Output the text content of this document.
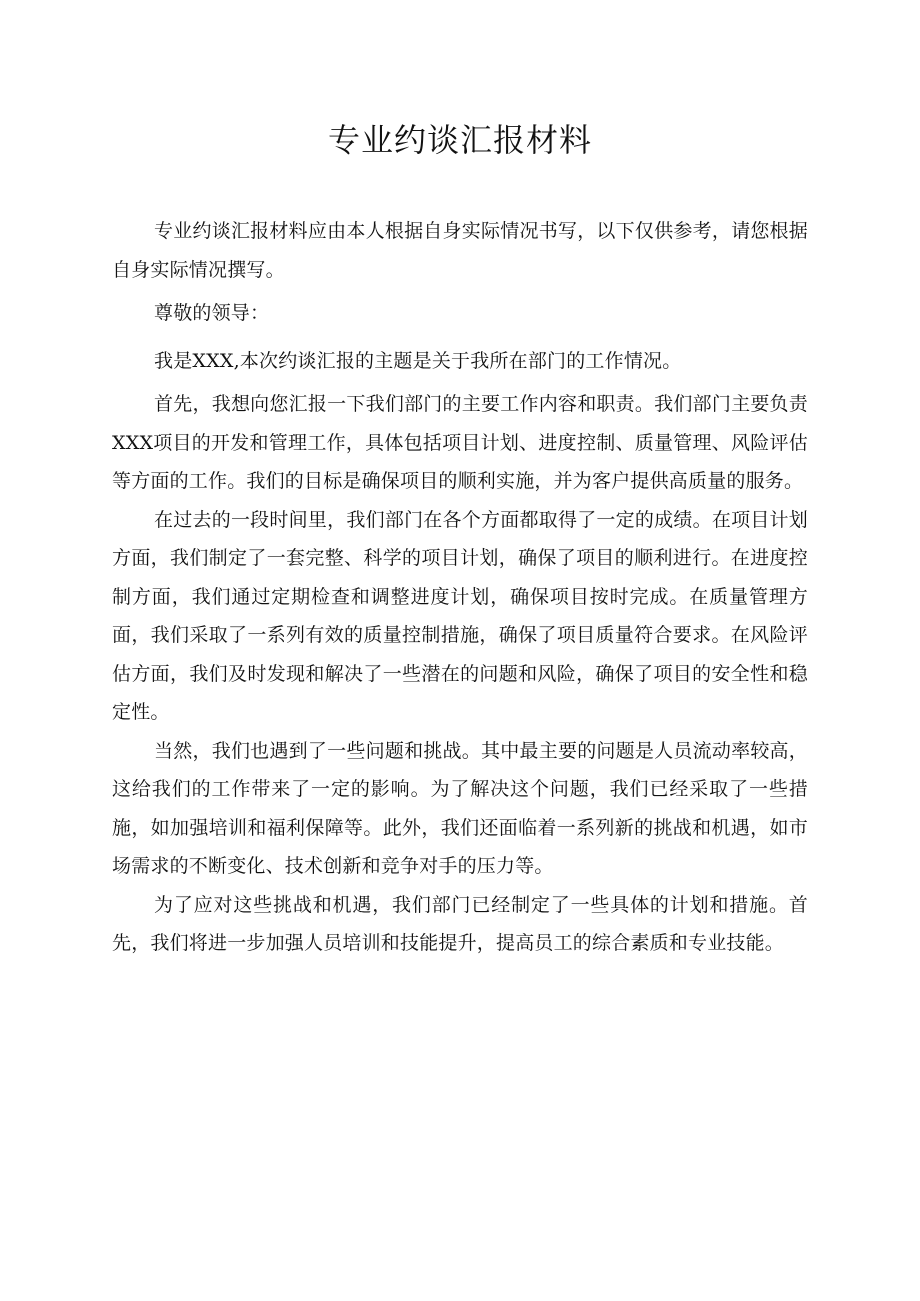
专业约谈汇报材料

专业约谈汇报材料应由本人根据自身实际情况书写，以下仅供参考，请您根据自身实际情况撰写。

尊敬的领导：

我是XXX,本次约谈汇报的主题是关于我所在部门的工作情况。

首先，我想向您汇报一下我们部门的主要工作内容和职责。我们部门主要负责XXX项目的开发和管理工作，具体包括项目计划、进度控制、质量管理、风险评估等方面的工作。我们的目标是确保项目的顺利实施，并为客户提供高质量的服务。

在过去的一段时间里，我们部门在各个方面都取得了一定的成绩。在项目计划方面，我们制定了一套完整、科学的项目计划，确保了项目的顺利进行。在进度控制方面，我们通过定期检查和调整进度计划，确保项目按时完成。在质量管理方面，我们采取了一系列有效的质量控制措施，确保了项目质量符合要求。在风险评估方面，我们及时发现和解决了一些潜在的问题和风险，确保了项目的安全性和稳定性。

当然，我们也遇到了一些问题和挑战。其中最主要的问题是人员流动率较高，这给我们的工作带来了一定的影响。为了解决这个问题，我们已经采取了一些措施，如加强培训和福利保障等。此外，我们还面临着一系列新的挑战和机遇，如市场需求的不断变化、技术创新和竞争对手的压力等。

为了应对这些挑战和机遇，我们部门已经制定了一些具体的计划和措施。首先，我们将进一步加强人员培训和技能提升，提高员工的综合素质和专业技能。
